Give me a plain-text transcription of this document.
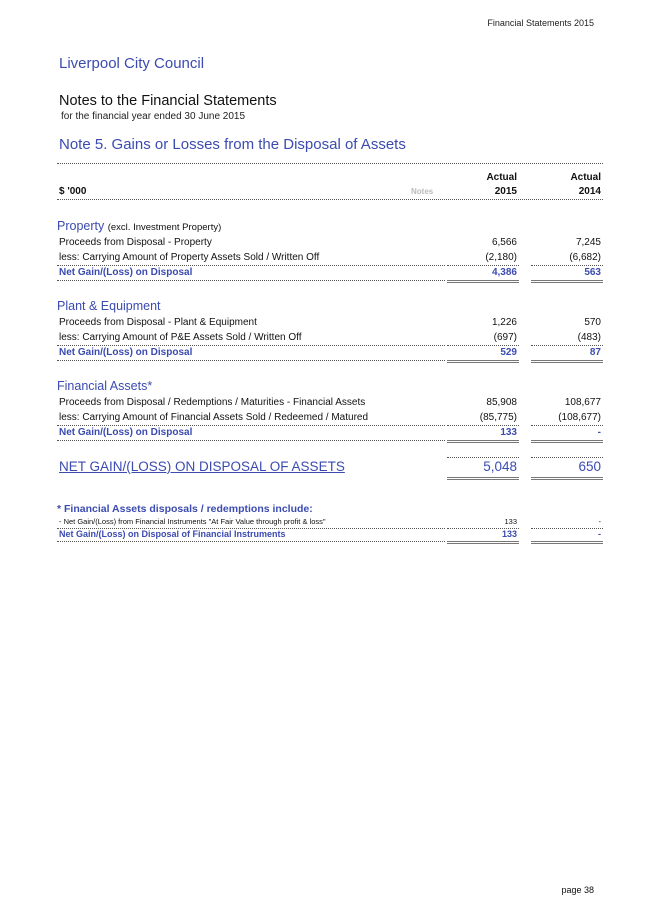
Financial Statements 2015
Liverpool City Council
Notes to the Financial Statements
for the financial year ended 30 June 2015
Note 5. Gains or Losses from the Disposal of Assets
Actual	Actual
$ '000	Notes	2015	2014
Property (excl. Investment Property)
Proceeds from Disposal - Property	6,566	7,245
less: Carrying Amount of Property Assets Sold / Written Off	(2,180)	(6,682)
Net Gain/(Loss) on Disposal	4,386	563
Plant & Equipment
Proceeds from Disposal - Plant & Equipment	1,226	570
less: Carrying Amount of P&E Assets Sold / Written Off	(697)	(483)
Net Gain/(Loss) on Disposal	529	87
Financial Assets*
Proceeds from Disposal / Redemptions / Maturities - Financial Assets	85,908	108,677
less: Carrying Amount of Financial Assets Sold / Redeemed / Matured	(85,775)	(108,677)
Net Gain/(Loss) on Disposal	133	-
NET GAIN/(LOSS) ON DISPOSAL OF ASSETS	5,048	650
* Financial Assets disposals / redemptions include:
- Net Gain/(Loss) from Financial Instruments "At Fair Value through profit & loss"	133	-
Net Gain/(Loss) on Disposal of Financial Instruments	133	-
page 38
